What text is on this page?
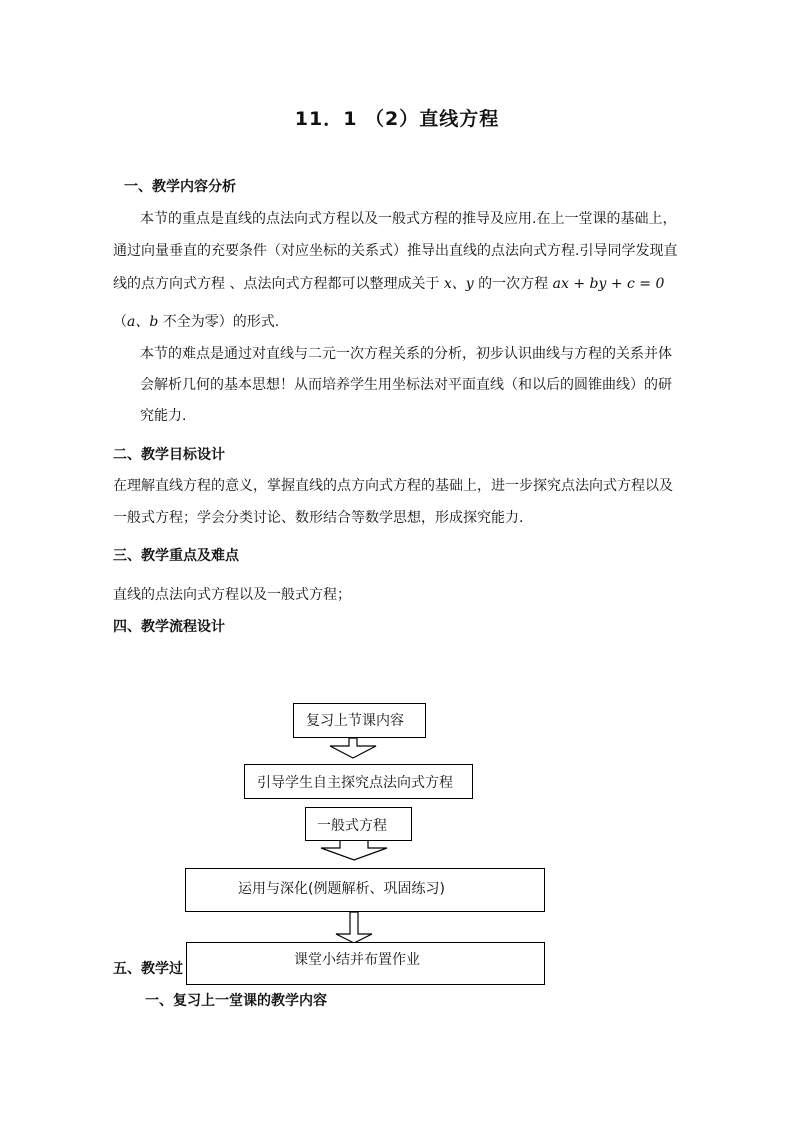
11．1 （2）直线方程
一、教学内容分析
本节的重点是直线的点法向式方程以及一般式方程的推导及应用.在上一堂课的基础上，
通过向量垂直的充要条件（对应坐标的关系式）推导出直线的点法向式方程.引导同学发现直
线的点方向式方程 、点法向式方程都可以整理成关于 x、y 的一次方程 ax + by + c = 0
（a、b 不全为零）的形式.
本节的难点是通过对直线与二元一次方程关系的分析，初步认识曲线与方程的关系并体
会解析几何的基本思想！从而培养学生用坐标法对平面直线（和以后的圆锥曲线）的研
究能力.
二、教学目标设计
在理解直线方程的意义，掌握直线的点方向式方程的基础上，进一步探究点法向式方程以及
一般式方程；学会分类讨论、数形结合等数学思想，形成探究能力.
三、教学重点及难点
直线的点法向式方程以及一般式方程；
四、教学流程设计
五、教学过
一、复习上一堂课的教学内容
复习上节课内容
引导学生自主探究点法向式方程
一般式方程
运用与深化(例题解析、巩固练习)
课堂小结并布置作业
